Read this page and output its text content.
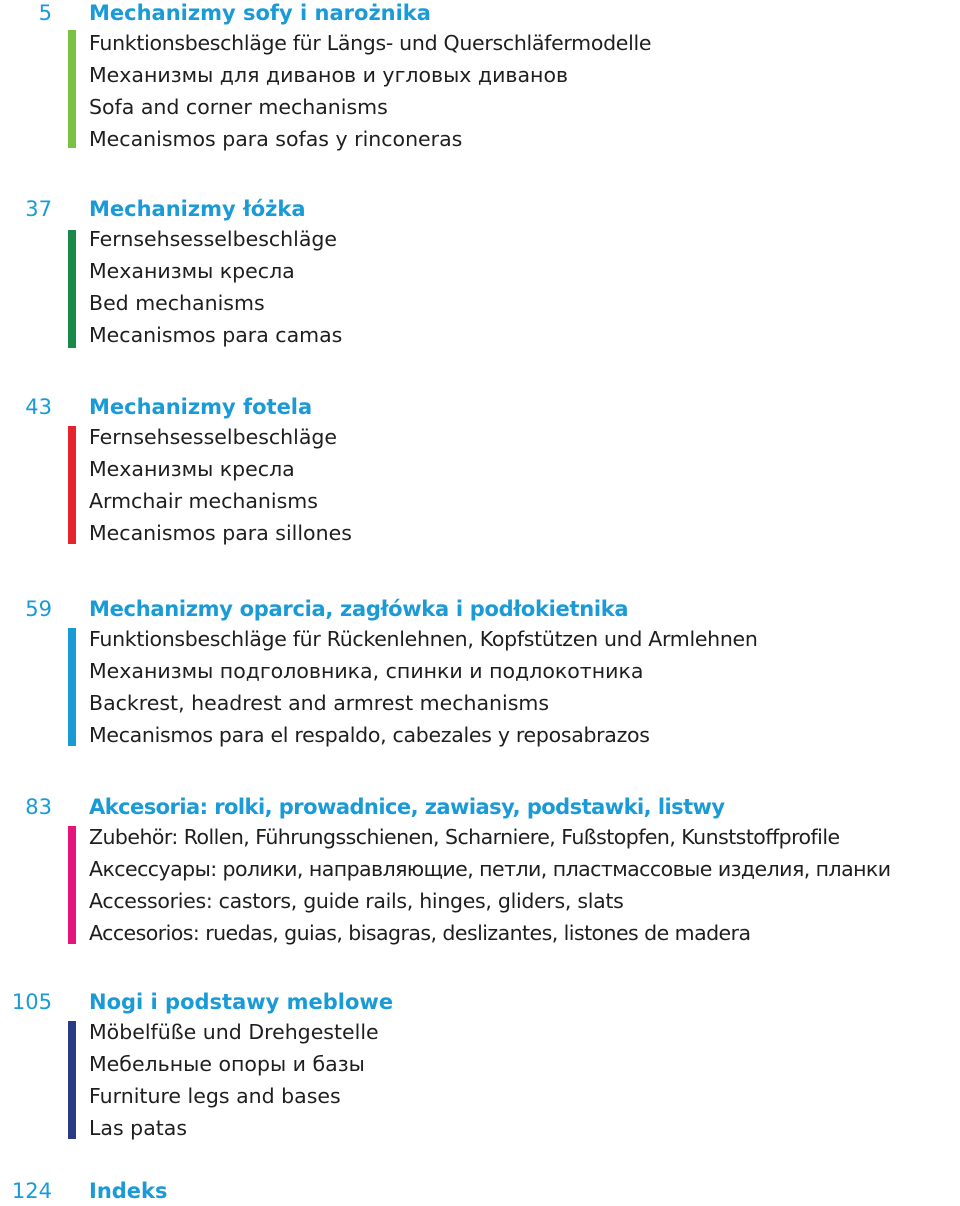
5 Mechanizmy sofy i narożnika
Funktionsbeschläge für Längs- und Querschläfermodelle
Механизмы для диванов и угловых диванов
Sofa and corner mechanisms
Mecanismos para sofas y rinconeras
37 Mechanizmy łóżka
Fernsehsesselbeschläge
Механизмы кресла
Bed mechanisms
Mecanismos para camas
43 Mechanizmy fotela
Fernsehsesselbeschläge
Механизмы кресла
Armchair mechanisms
Mecanismos para sillones
59 Mechanizmy oparcia, zagłówka i podłokietnika
Funktionsbeschläge für Rückenlehnen, Kopfstützen und Armlehnen
Механизмы подголовника, спинки и подлокотника
Backrest, headrest and armrest mechanisms
Mecanismos para el respaldo, cabezales y reposabrazos
83 Akcesoria: rolki, prowadnice, zawiasy, podstawki, listwy
Zubehör: Rollen, Führungsschienen, Scharniere, Fußstopfen, Kunststoffprofile
Аксессуары: ролики, направляющие, петли, пластмассовые изделия, планки
Accessories: castors, guide rails, hinges, gliders, slats
Accesorios: ruedas, guias, bisagras, deslizantes, listones de madera
105 Nogi i podstawy meblowe
Möbelfüße und Drehgestelle
Мебельные опоры и базы
Furniture legs and bases
Las patas
124 Indeks
